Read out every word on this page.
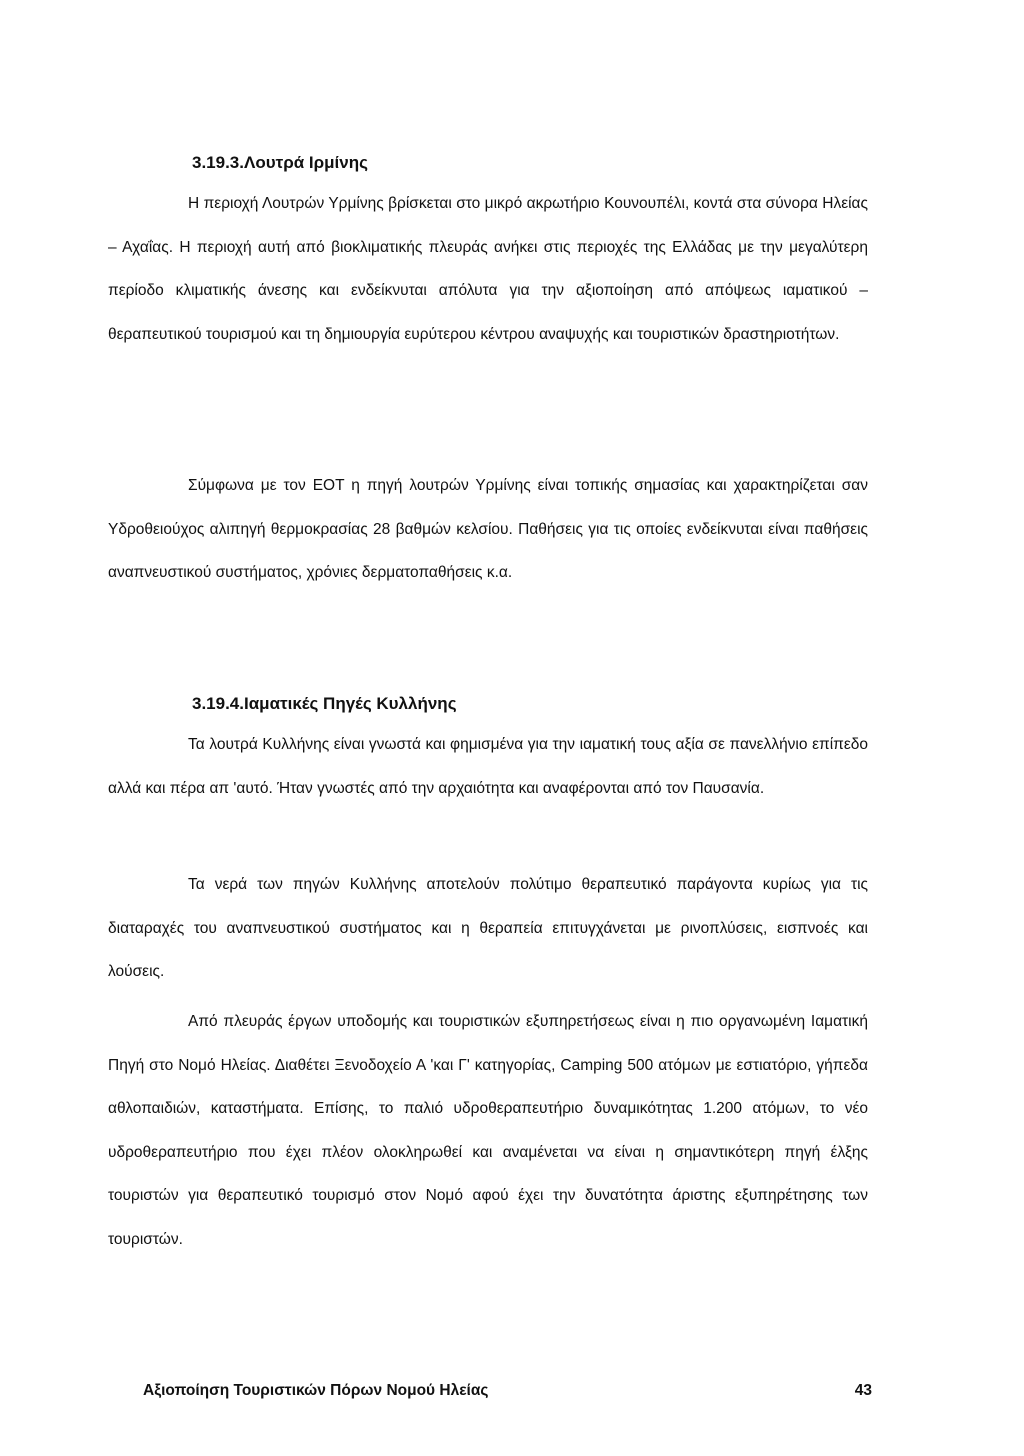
3.19.3.Λουτρά Ιρμίνης

Η περιοχή Λουτρών Υρμίνης βρίσκεται στο μικρό ακρωτήριο Κουνουπέλι, κοντά στα σύνορα Ηλείας – Αχαΐας. Η περιοχή αυτή από βιοκλιματικής πλευράς ανήκει στις περιοχές της Ελλάδας με την μεγαλύτερη περίοδο κλιματικής άνεσης και ενδείκνυται απόλυτα για την αξιοποίηση από απόψεως ιαματικού – θεραπευτικού τουρισμού και τη δημιουργία ευρύτερου κέντρου αναψυχής και τουριστικών δραστηριοτήτων.

Σύμφωνα με τον ΕΟΤ η πηγή λουτρών Υρμίνης είναι τοπικής σημασίας και χαρακτηρίζεται σαν Υδροθειούχος αλιπηγή θερμοκρασίας 28 βαθμών κελσίου. Παθήσεις για τις οποίες ενδείκνυται είναι παθήσεις αναπνευστικού συστήματος, χρόνιες δερματοπαθήσεις κ.α.

3.19.4.Ιαματικές Πηγές Κυλλήνης

Τα λουτρά Κυλλήνης είναι γνωστά και φημισμένα για την ιαματική τους αξία σε πανελλήνιο επίπεδο αλλά και πέρα απ 'αυτό. Ήταν γνωστές από την αρχαιότητα και αναφέρονται από τον Παυσανία.

Τα νερά των πηγών Κυλλήνης αποτελούν πολύτιμο θεραπευτικό παράγοντα κυρίως για τις διαταραχές του αναπνευστικού συστήματος και η θεραπεία επιτυγχάνεται με ρινοπλύσεις, εισπνοές και λούσεις.

Από πλευράς έργων υποδομής και τουριστικών εξυπηρετήσεως είναι η πιο οργανωμένη Ιαματική Πηγή στο Νομό Ηλείας. Διαθέτει Ξενοδοχείο Α 'και Γ' κατηγορίας, Camping 500 ατόμων με εστιατόριο, γήπεδα αθλοπαιδιών, καταστήματα. Επίσης, το παλιό υδροθεραπευτήριο δυναμικότητας 1.200 ατόμων, το νέο υδροθεραπευτήριο που έχει πλέον ολοκληρωθεί και αναμένεται να είναι η σημαντικότερη πηγή έλξης τουριστών για θεραπευτικό τουρισμό στον Νομό αφού έχει την δυνατότητα άριστης εξυπηρέτησης των τουριστών.

Αξιοποίηση Τουριστικών Πόρων Νομού Ηλείας	43
